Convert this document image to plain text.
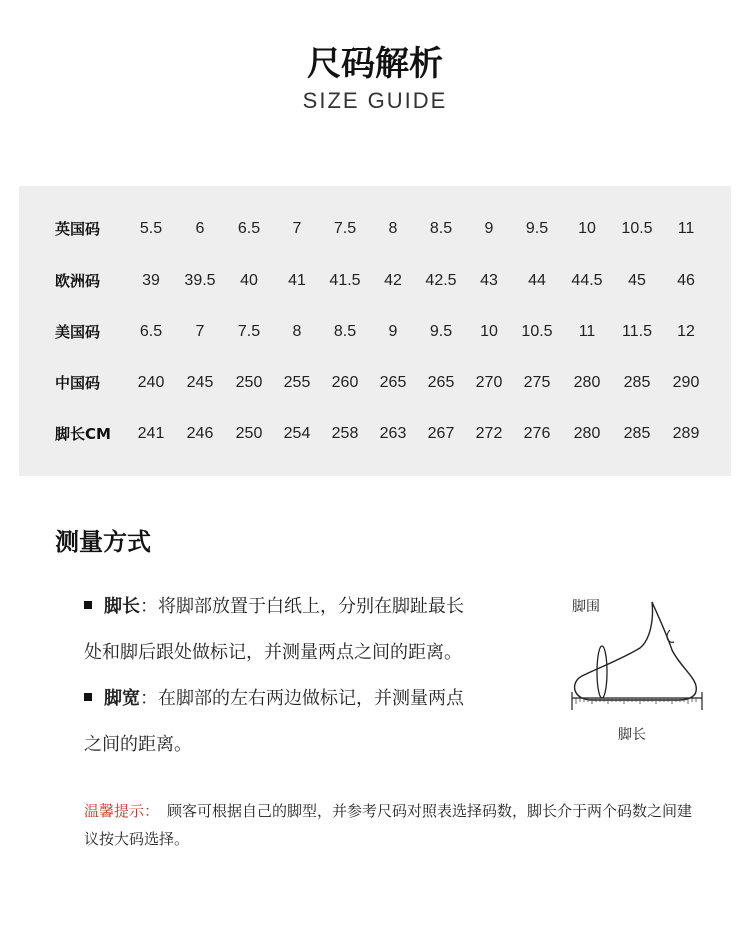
尺码解析
SIZE GUIDE
英国码	5.5	6	6.5	7	7.5	8	8.5	9	9.5	10	10.5	11
欧洲码	39	39.5	40	41	41.5	42	42.5	43	44	44.5	45	46
美国码	6.5	7	7.5	8	8.5	9	9.5	10	10.5	11	11.5	12
中国码	240	245	250	255	260	265	265	270	275	280	285	290
脚长CM	241	246	250	254	258	263	267	272	276	280	285	289
测量方式
脚长：将脚部放置于白纸上，分别在脚趾最长
处和脚后跟处做标记，并测量两点之间的距离。
脚宽：在脚部的左右两边做标记，并测量两点
之间的距离。
脚围
脚长
温馨提示： 顾客可根据自己的脚型，并参考尺码对照表选择码数，脚长介于两个码数之间建议按大码选择。
